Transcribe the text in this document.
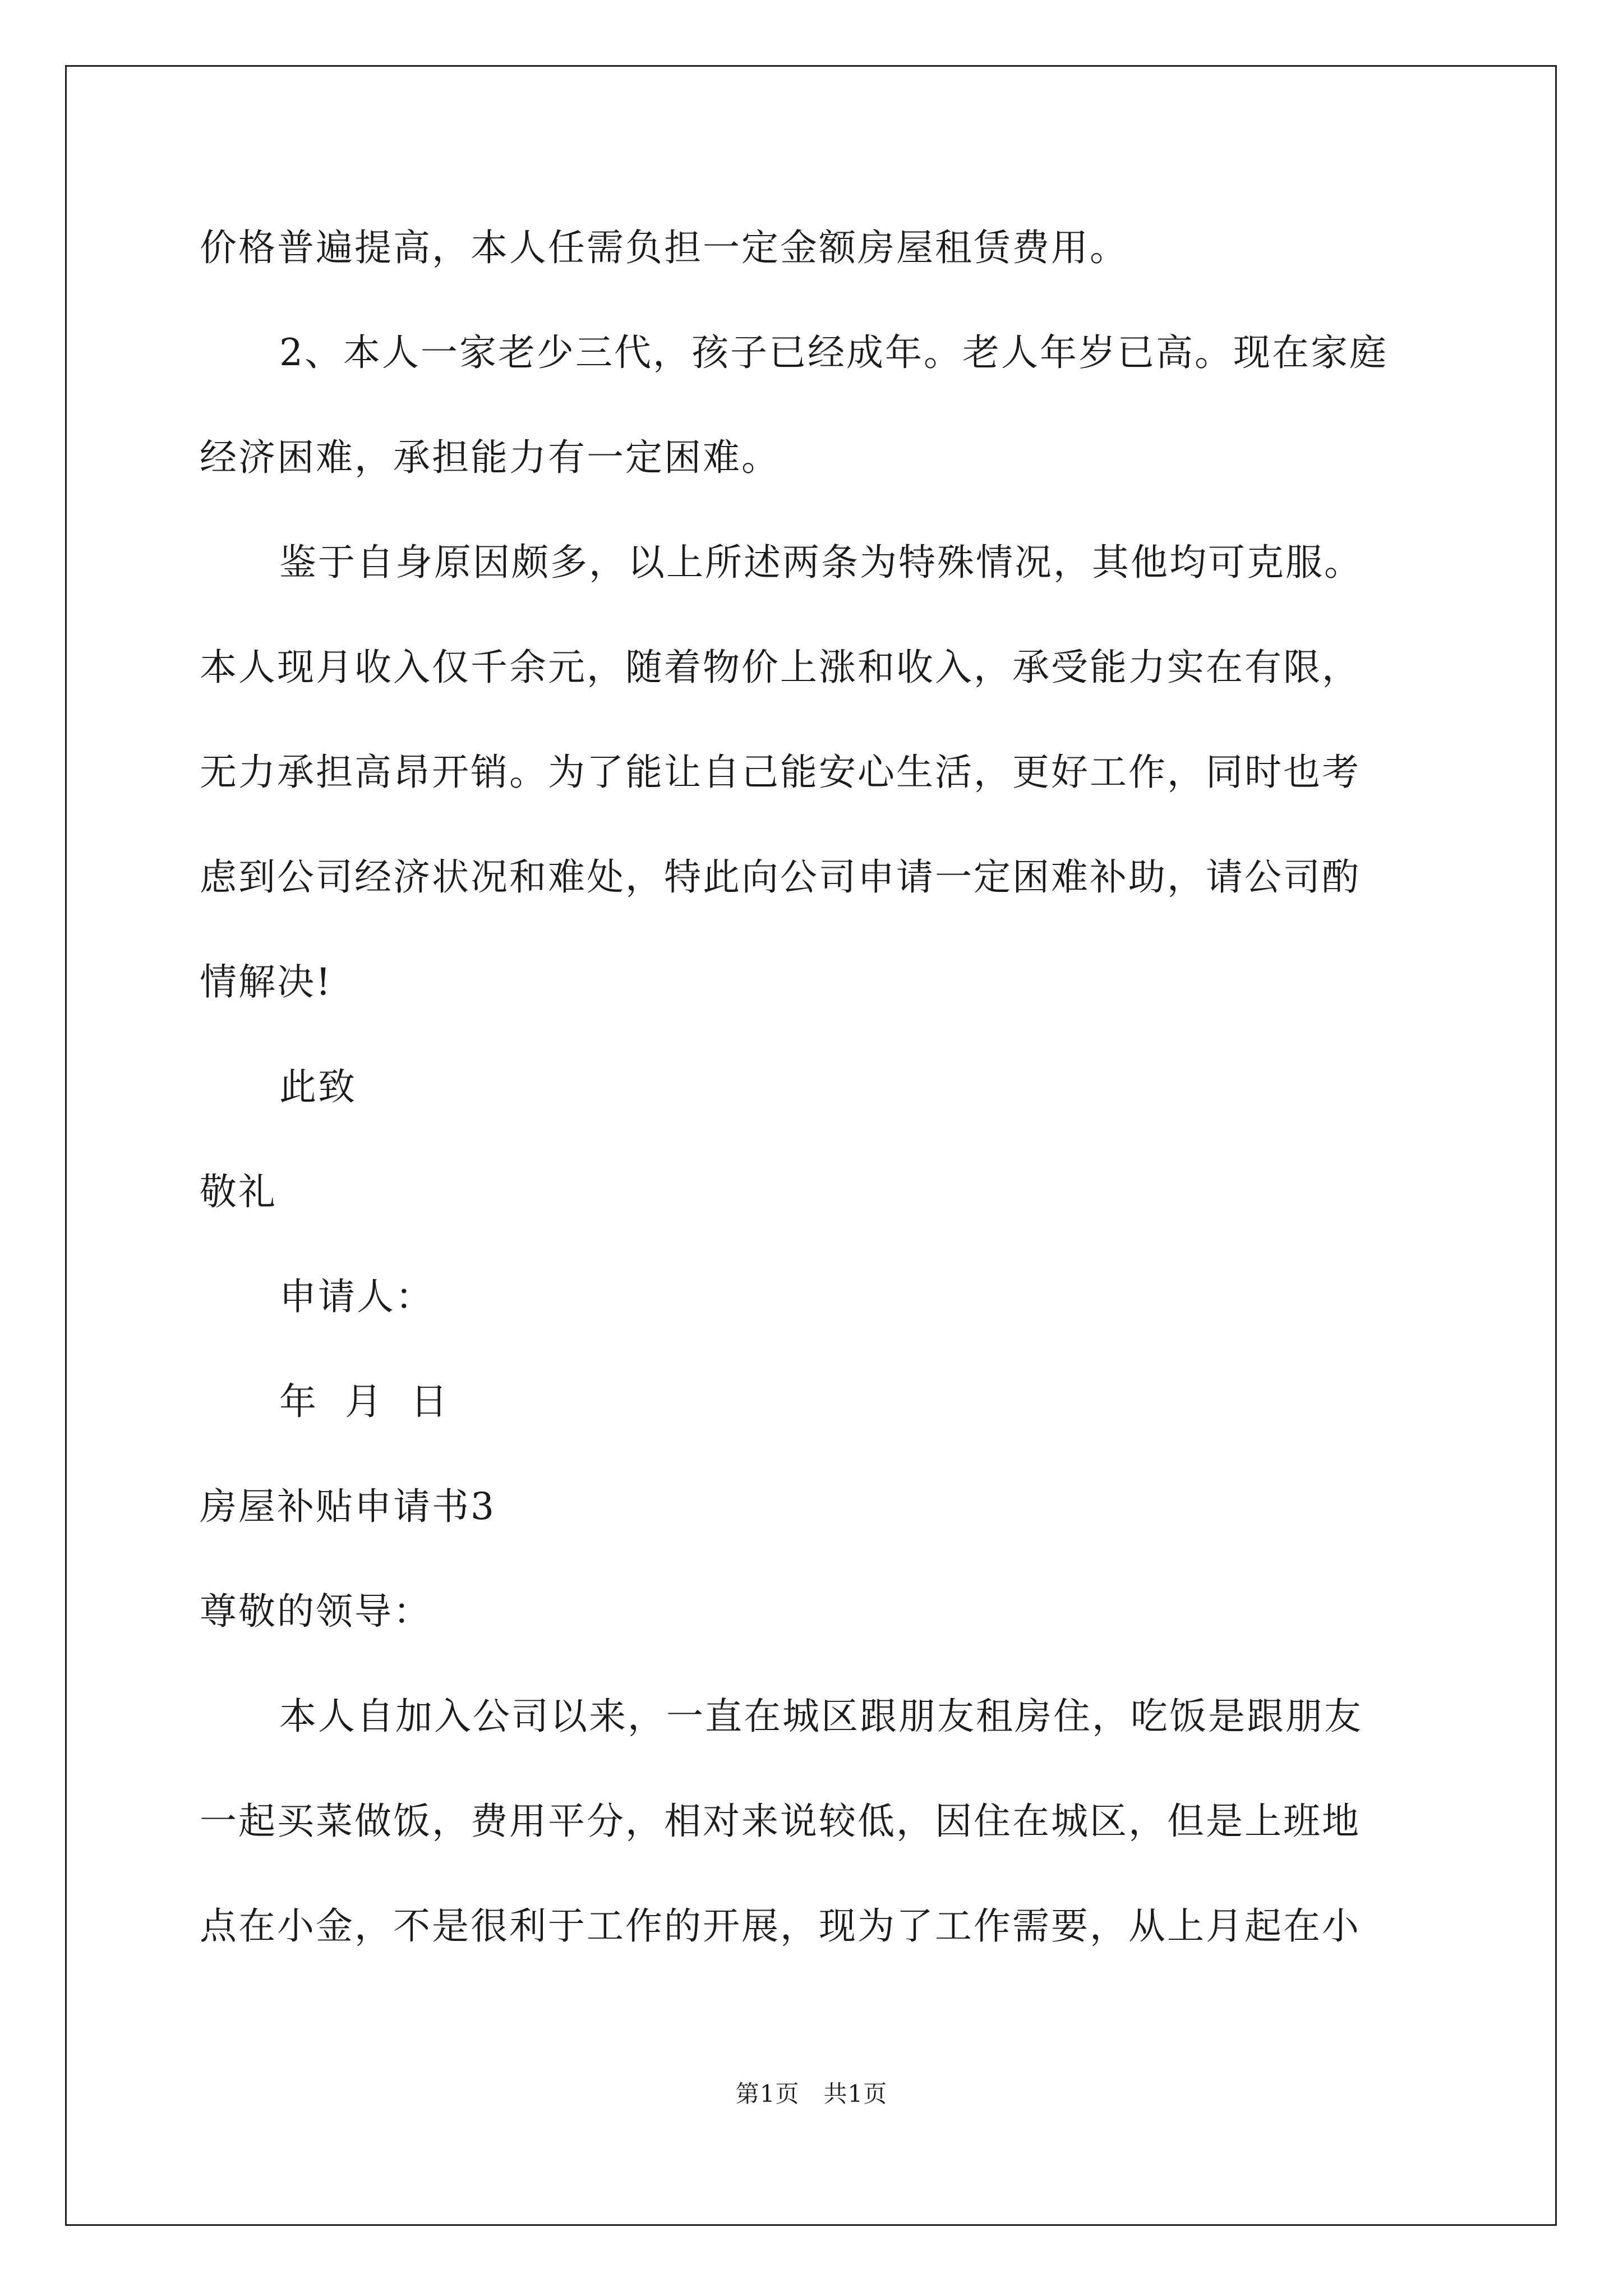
价格普遍提高，本人任需负担一定金额房屋租赁费用。
2、本人一家老少三代，孩子已经成年。老人年岁已高。现在家庭
经济困难，承担能力有一定困难。
鉴于自身原因颇多，以上所述两条为特殊情况，其他均可克服。
本人现月收入仅千余元，随着物价上涨和收入，承受能力实在有限，
无力承担高昂开销。为了能让自己能安心生活，更好工作，同时也考
虑到公司经济状况和难处，特此向公司申请一定困难补助，请公司酌
情解决!
此致
敬礼
申请人：
年  月  日
房屋补贴申请书3
尊敬的领导：
本人自加入公司以来，一直在城区跟朋友租房住，吃饭是跟朋友
一起买菜做饭，费用平分，相对来说较低，因住在城区，但是上班地
点在小金，不是很利于工作的开展，现为了工作需要，从上月起在小
第1页   共1页
